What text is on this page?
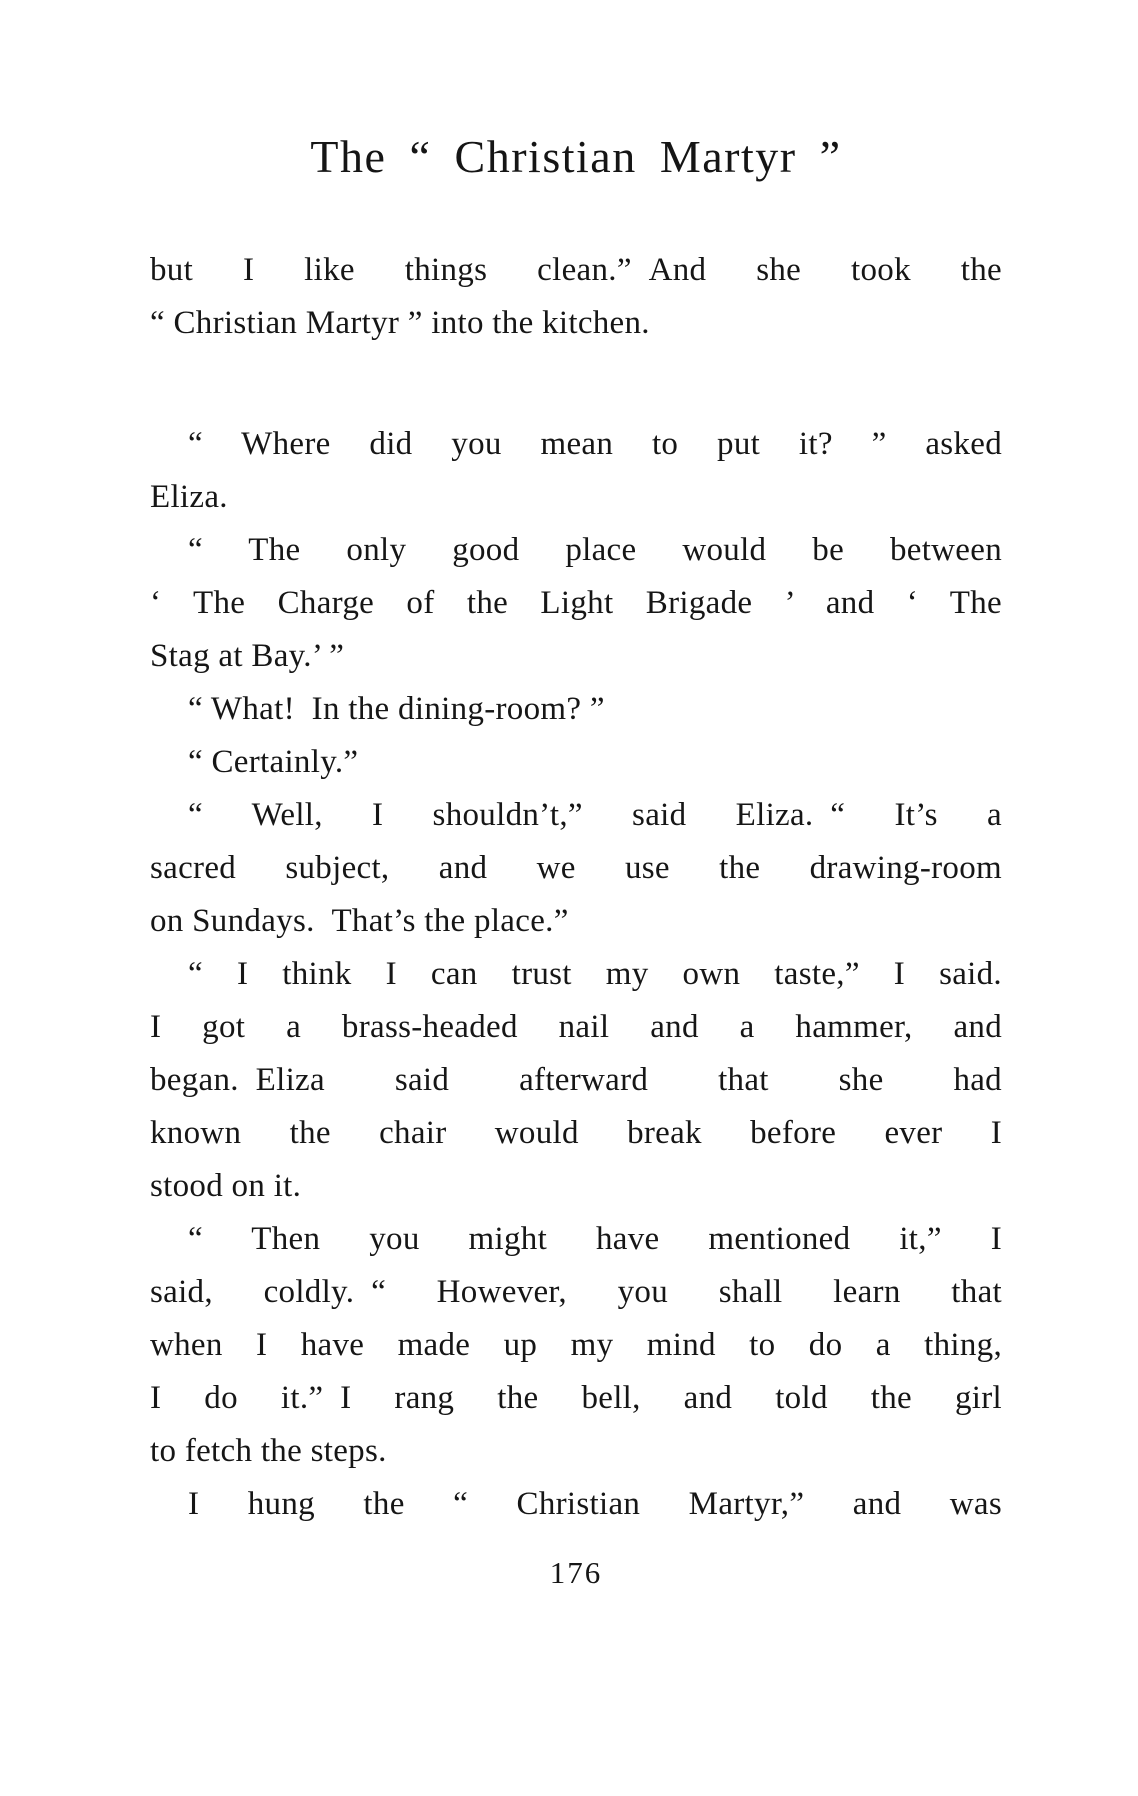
The “ Christian Martyr ”
but I like things clean.” And she took the
“ Christian Martyr ” into the kitchen.
“ Where did you mean to put it? ” asked
Eliza.
“ The only good place would be between
‘ The Charge of the Light Brigade ’ and ‘ The
Stag at Bay.’ ”
“ What! In the dining-room? ”
“ Certainly.”
“ Well, I shouldn’t,” said Eliza. “ It’s a
sacred subject, and we use the drawing-room
on Sundays. That’s the place.”
“ I think I can trust my own taste,” I said.
I got a brass-headed nail and a hammer, and
began. Eliza said afterward that she had
known the chair would break before ever I
stood on it.
“ Then you might have mentioned it,” I
said, coldly. “ However, you shall learn that
when I have made up my mind to do a thing,
I do it.” I rang the bell, and told the girl
to fetch the steps.
I hung the “ Christian Martyr,” and was
176
